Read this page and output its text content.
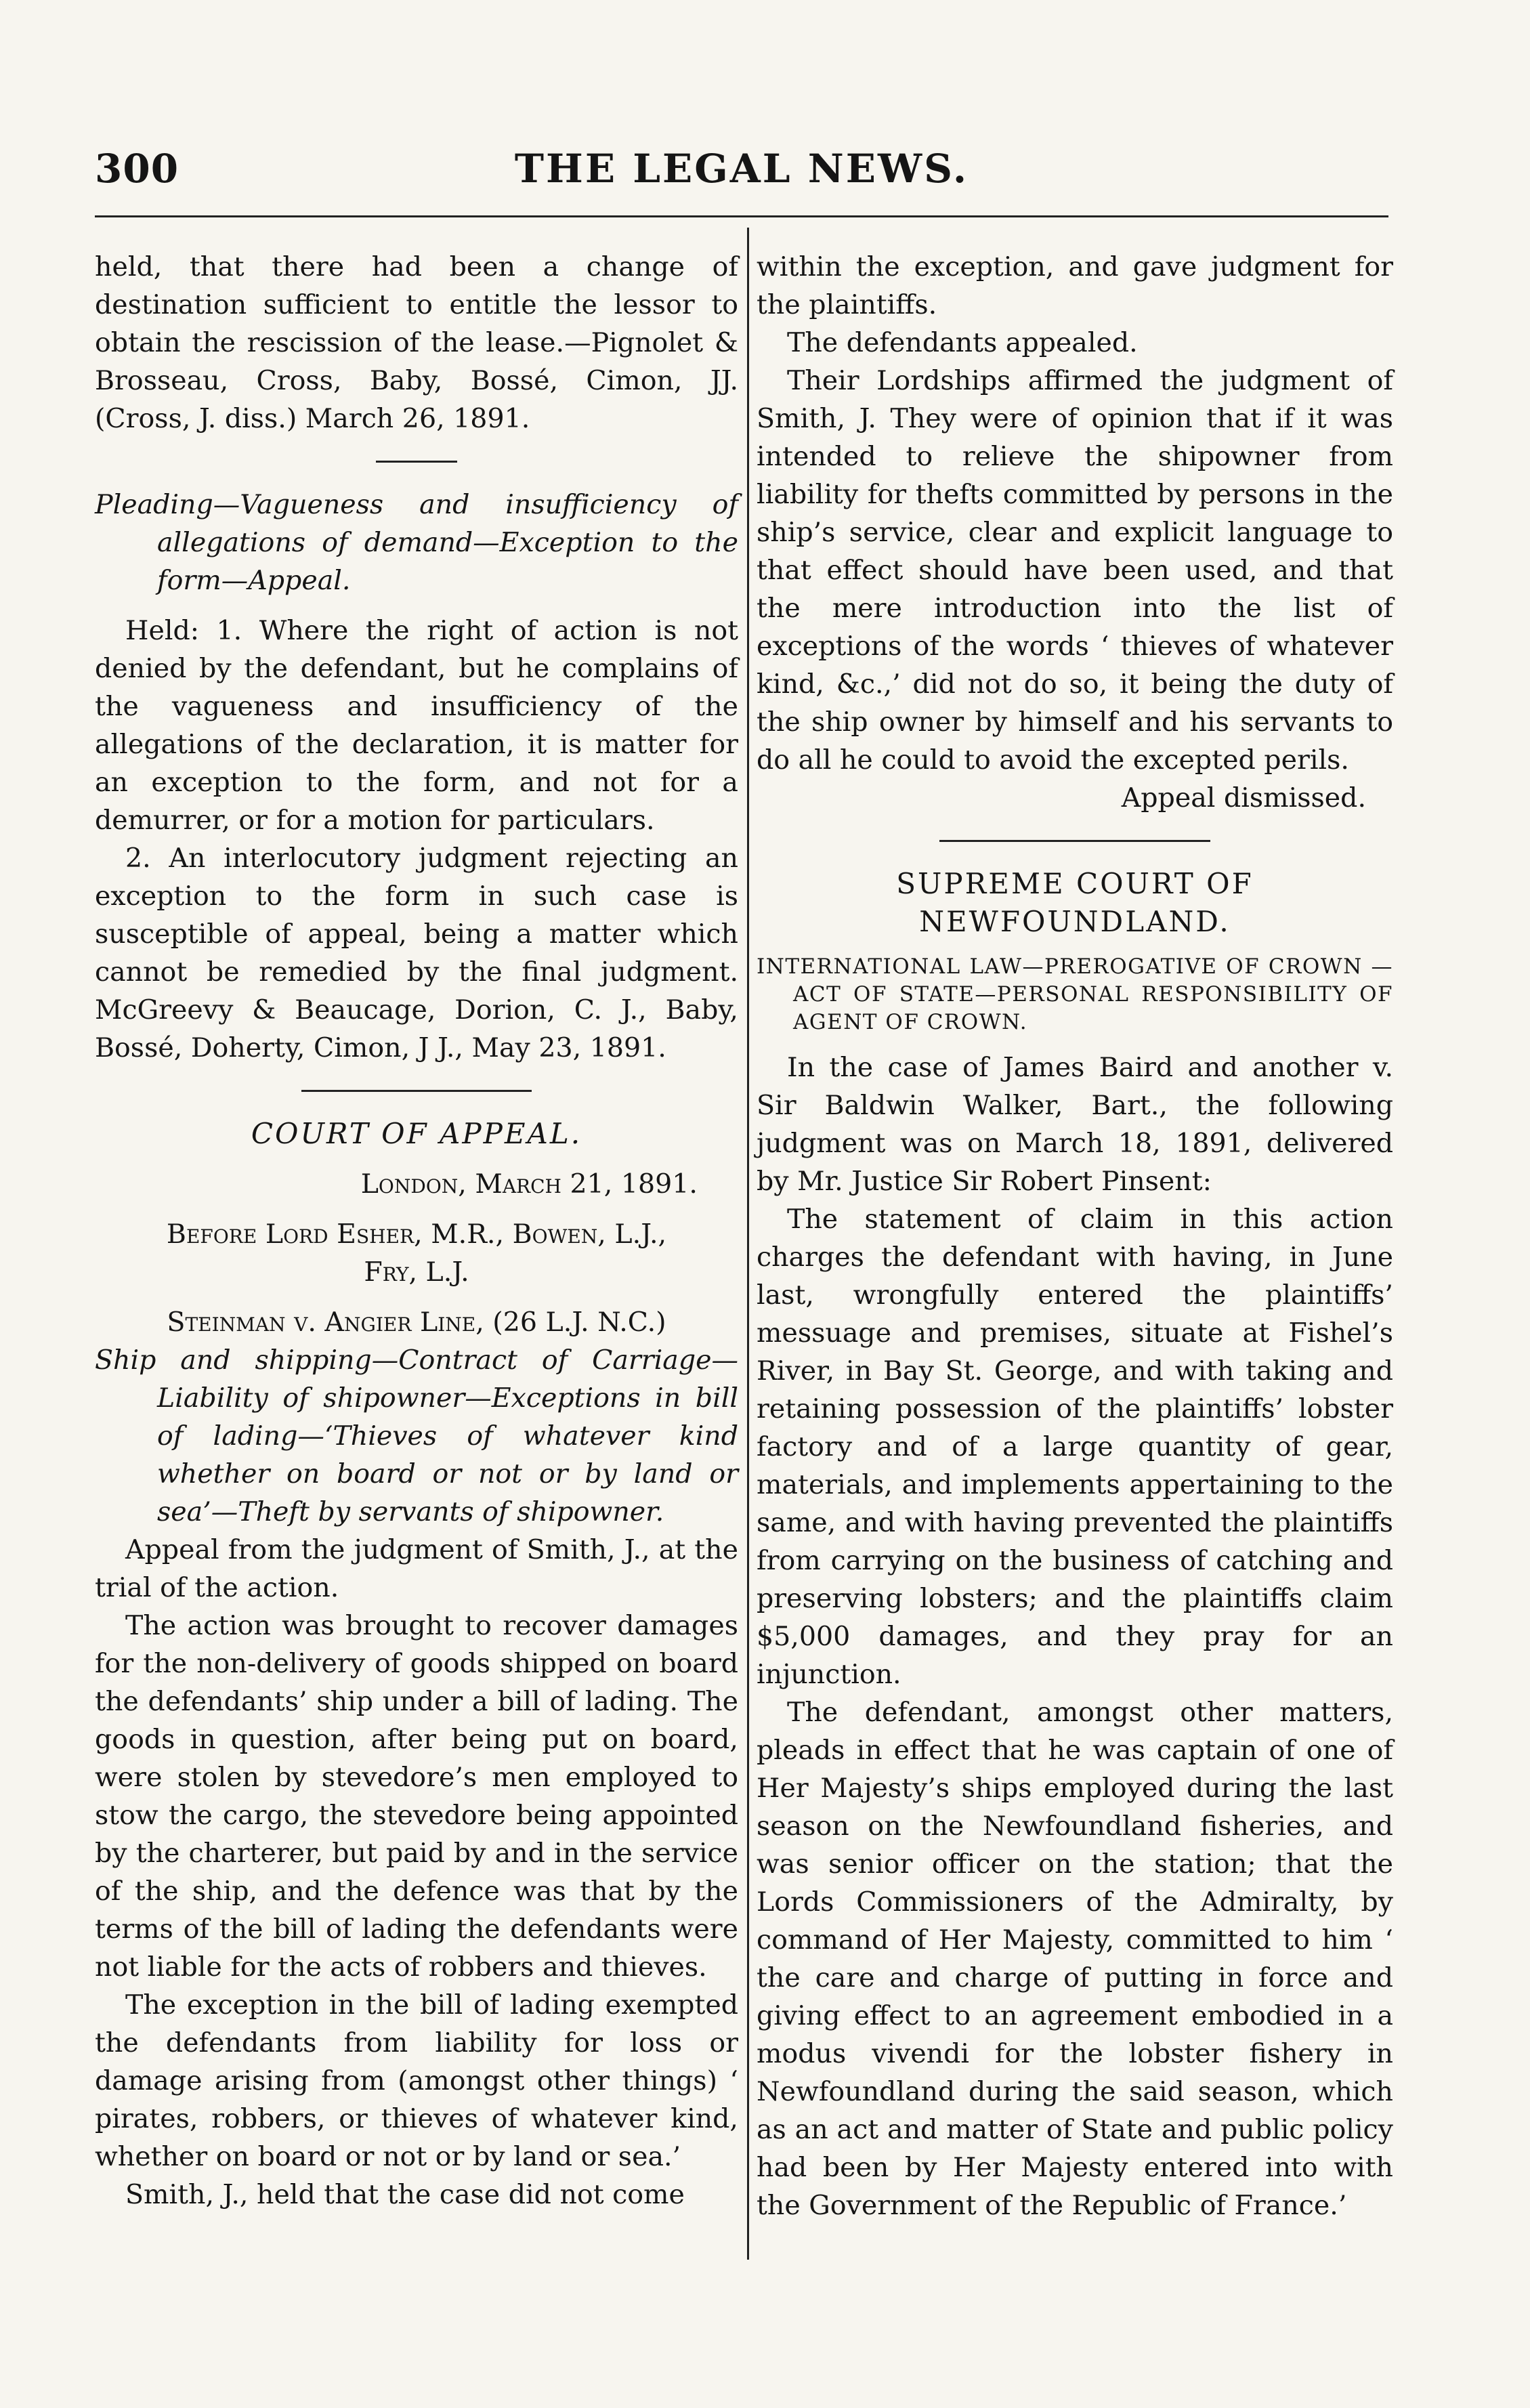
300	THE LEGAL NEWS.

held, that there had been a change of destination sufficient to entitle the lessor to obtain the rescission of the lease.—Pignolet & Brosseau, Cross, Baby, Bossé, Cimon, JJ. (Cross, J. diss.) March 26, 1891.

Pleading—Vagueness and insufficiency of allegations of demand—Exception to the form—Appeal.

Held: 1. Where the right of action is not denied by the defendant, but he complains of the vagueness and insufficiency of the allegations of the declaration, it is matter for an exception to the form, and not for a demurrer, or for a motion for particulars.

2. An interlocutory judgment rejecting an exception to the form in such case is susceptible of appeal, being a matter which cannot be remedied by the final judgment. McGreevy & Beaucage, Dorion, C. J., Baby, Bossé, Doherty, Cimon, J J., May 23, 1891.

COURT OF APPEAL.

London, March 21, 1891.

Before Lord Esher, M.R., Bowen, L.J., Fry, L.J.

Steinman v. Angier Line, (26 L.J. N.C.)

Ship and shipping—Contract of Carriage—Liability of shipowner—Exceptions in bill of lading—‘Thieves of whatever kind whether on board or not or by land or sea’—Theft by servants of shipowner.

Appeal from the judgment of Smith, J., at the trial of the action.

The action was brought to recover damages for the non-delivery of goods shipped on board the defendants’ ship under a bill of lading. The goods in question, after being put on board, were stolen by stevedore’s men employed to stow the cargo, the stevedore being appointed by the charterer, but paid by and in the service of the ship, and the defence was that by the terms of the bill of lading the defendants were not liable for the acts of robbers and thieves.

The exception in the bill of lading exempted the defendants from liability for loss or damage arising from (amongst other things) ‘ pirates, robbers, or thieves of whatever kind, whether on board or not or by land or sea.’

Smith, J., held that the case did not come

within the exception, and gave judgment for the plaintiffs.

The defendants appealed.

Their Lordships affirmed the judgment of Smith, J. They were of opinion that if it was intended to relieve the shipowner from liability for thefts committed by persons in the ship’s service, clear and explicit language to that effect should have been used, and that the mere introduction into the list of exceptions of the words ‘ thieves of whatever kind, &c.,’ did not do so, it being the duty of the ship owner by himself and his servants to do all he could to avoid the excepted perils.

Appeal dismissed.

SUPREME COURT OF NEWFOUNDLAND.

INTERNATIONAL LAW—PREROGATIVE OF CROWN —ACT OF STATE—PERSONAL RESPONSIBILITY OF AGENT OF CROWN.

In the case of James Baird and another v. Sir Baldwin Walker, Bart., the following judgment was on March 18, 1891, delivered by Mr. Justice Sir Robert Pinsent:

The statement of claim in this action charges the defendant with having, in June last, wrongfully entered the plaintiffs’ messuage and premises, situate at Fishel’s River, in Bay St. George, and with taking and retaining possession of the plaintiffs’ lobster factory and of a large quantity of gear, materials, and implements appertaining to the same, and with having prevented the plaintiffs from carrying on the business of catching and preserving lobsters; and the plaintiffs claim $5,000 damages, and they pray for an injunction.

The defendant, amongst other matters, pleads in effect that he was captain of one of Her Majesty’s ships employed during the last season on the Newfoundland fisheries, and was senior officer on the station; that the Lords Commissioners of the Admiralty, by command of Her Majesty, committed to him ‘ the care and charge of putting in force and giving effect to an agreement embodied in a modus vivendi for the lobster fishery in Newfoundland during the said season, which as an act and matter of State and public policy had been by Her Majesty entered into with the Government of the Republic of France.’
